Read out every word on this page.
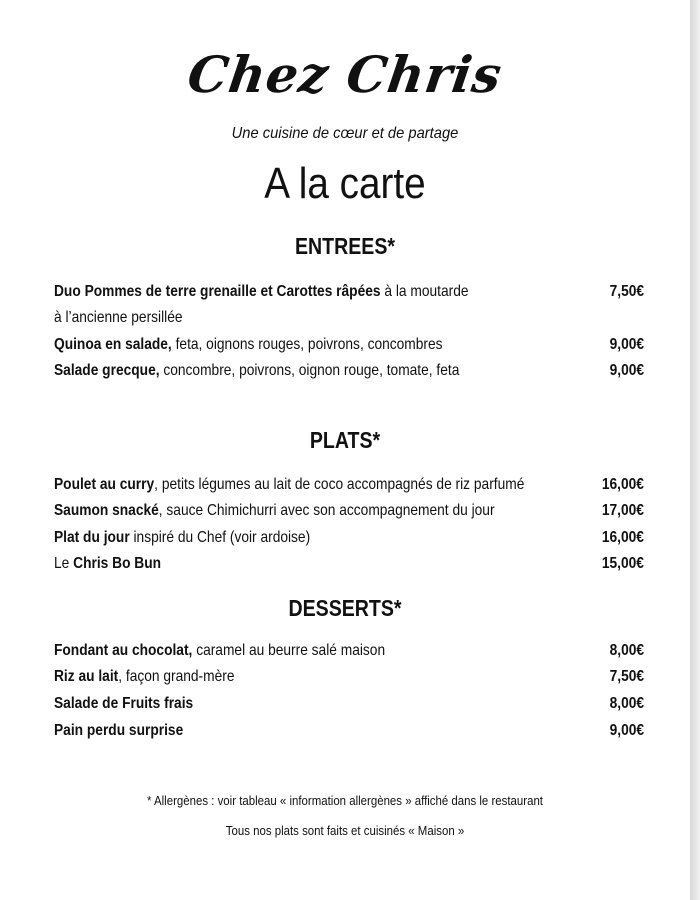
Chez Chris
Une cuisine de cœur et de partage
A la carte
ENTREES*
Duo Pommes de terre grenaille et Carottes râpées à la moutarde	7,50€
à l’ancienne persillée
Quinoa en salade, feta, oignons rouges, poivrons, concombres	9,00€
Salade grecque, concombre, poivrons, oignon rouge, tomate, feta	9,00€
PLATS*
Poulet au curry, petits légumes au lait de coco accompagnés de riz parfumé	16,00€
Saumon snacké, sauce Chimichurri avec son accompagnement du jour	17,00€
Plat du jour inspiré du Chef (voir ardoise)	16,00€
Le Chris Bo Bun	15,00€
DESSERTS*
Fondant au chocolat, caramel au beurre salé maison	8,00€
Riz au lait, façon grand-mère	7,50€
Salade de Fruits frais	8,00€
Pain perdu surprise	9,00€
* Allergènes : voir tableau « information allergènes » affiché dans le restaurant
Tous nos plats sont faits et cuisinés « Maison »
